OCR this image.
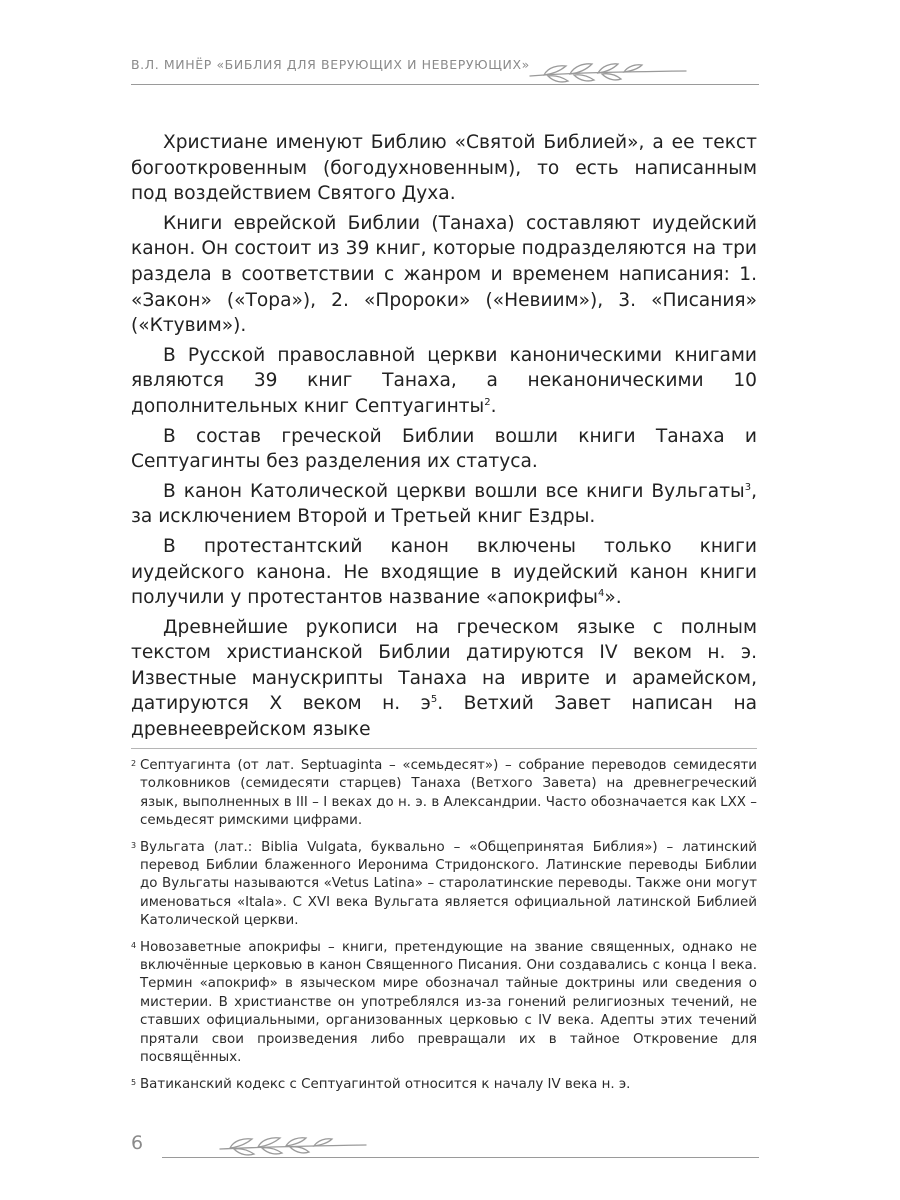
В.Л. МИНЁР «БИБЛИЯ ДЛЯ ВЕРУЮЩИХ И НЕВЕРУЮЩИХ»

Христиане именуют Библию «Святой Библией», а ее текст богооткровенным (богодухновенным), то есть написанным под воздействием Святого Духа.

Книги еврейской Библии (Танаха) составляют иудейский канон. Он состоит из 39 книг, которые подразделяются на три раздела в соответствии с жанром и временем написания: 1. «Закон» («Тора»), 2. «Пророки» («Невиим»), 3. «Писания» («Ктувим»).

В Русской православной церкви каноническими книгами являются 39 книг Танаха, а неканоническими 10 дополнительных книг Септуагинты$^2$.

В состав греческой Библии вошли книги Танаха и Септуагинты без разделения их статуса.

В канон Католической церкви вошли все книги Вульгаты$^3$, за исключением Второй и Третьей книг Ездры.

В протестантский канон включены только книги иудейского канона. Не входящие в иудейский канон книги получили у протестантов название «апокрифы$^4$».

Древнейшие рукописи на греческом языке с полным текстом христианской Библии датируются IV веком н. э. Известные манускрипты Танаха на иврите и арамейском, датируются X веком н. $э^5$. Ветхий Завет написан на древнееврейском языке

2 Септуагинта (от лат. Septuaginta – «семьдесят») – собрание переводов семидесяти толковников (семидесяти старцев) Танаха (Ветхого Завета) на древнегреческий язык, выполненных в III – I веках до н. э. в Александрии. Часто обозначается как LXX – семьдесят римскими цифрами.
3 Вульгата (лат.: Biblia Vulgata, буквально – «Общепринятая Библия») – латинский перевод Библии блаженного Иеронима Стридонского. Латинские переводы Библии до Вульгаты называются «Vetus Latina» – старолатинские переводы. Также они могут именоваться «Itala». С XVI века Вульгата является официальной латинской Библией Католической церкви.
4 Новозаветные апокрифы – книги, претендующие на звание священных, однако не включённые церковью в канон Священного Писания. Они создавались с конца I века. Термин «апокриф» в языческом мире обозначал тайные доктрины или сведения о мистерии. В христианстве он употреблялся из-за гонений религиозных течений, не ставших официальными, организованных церковью с IV века. Адепты этих течений прятали свои произведения либо превращали их в тайное Откровение для посвящённых.
5 Ватиканский кодекс с Септуагинтой относится к началу IV века н. э.
6
